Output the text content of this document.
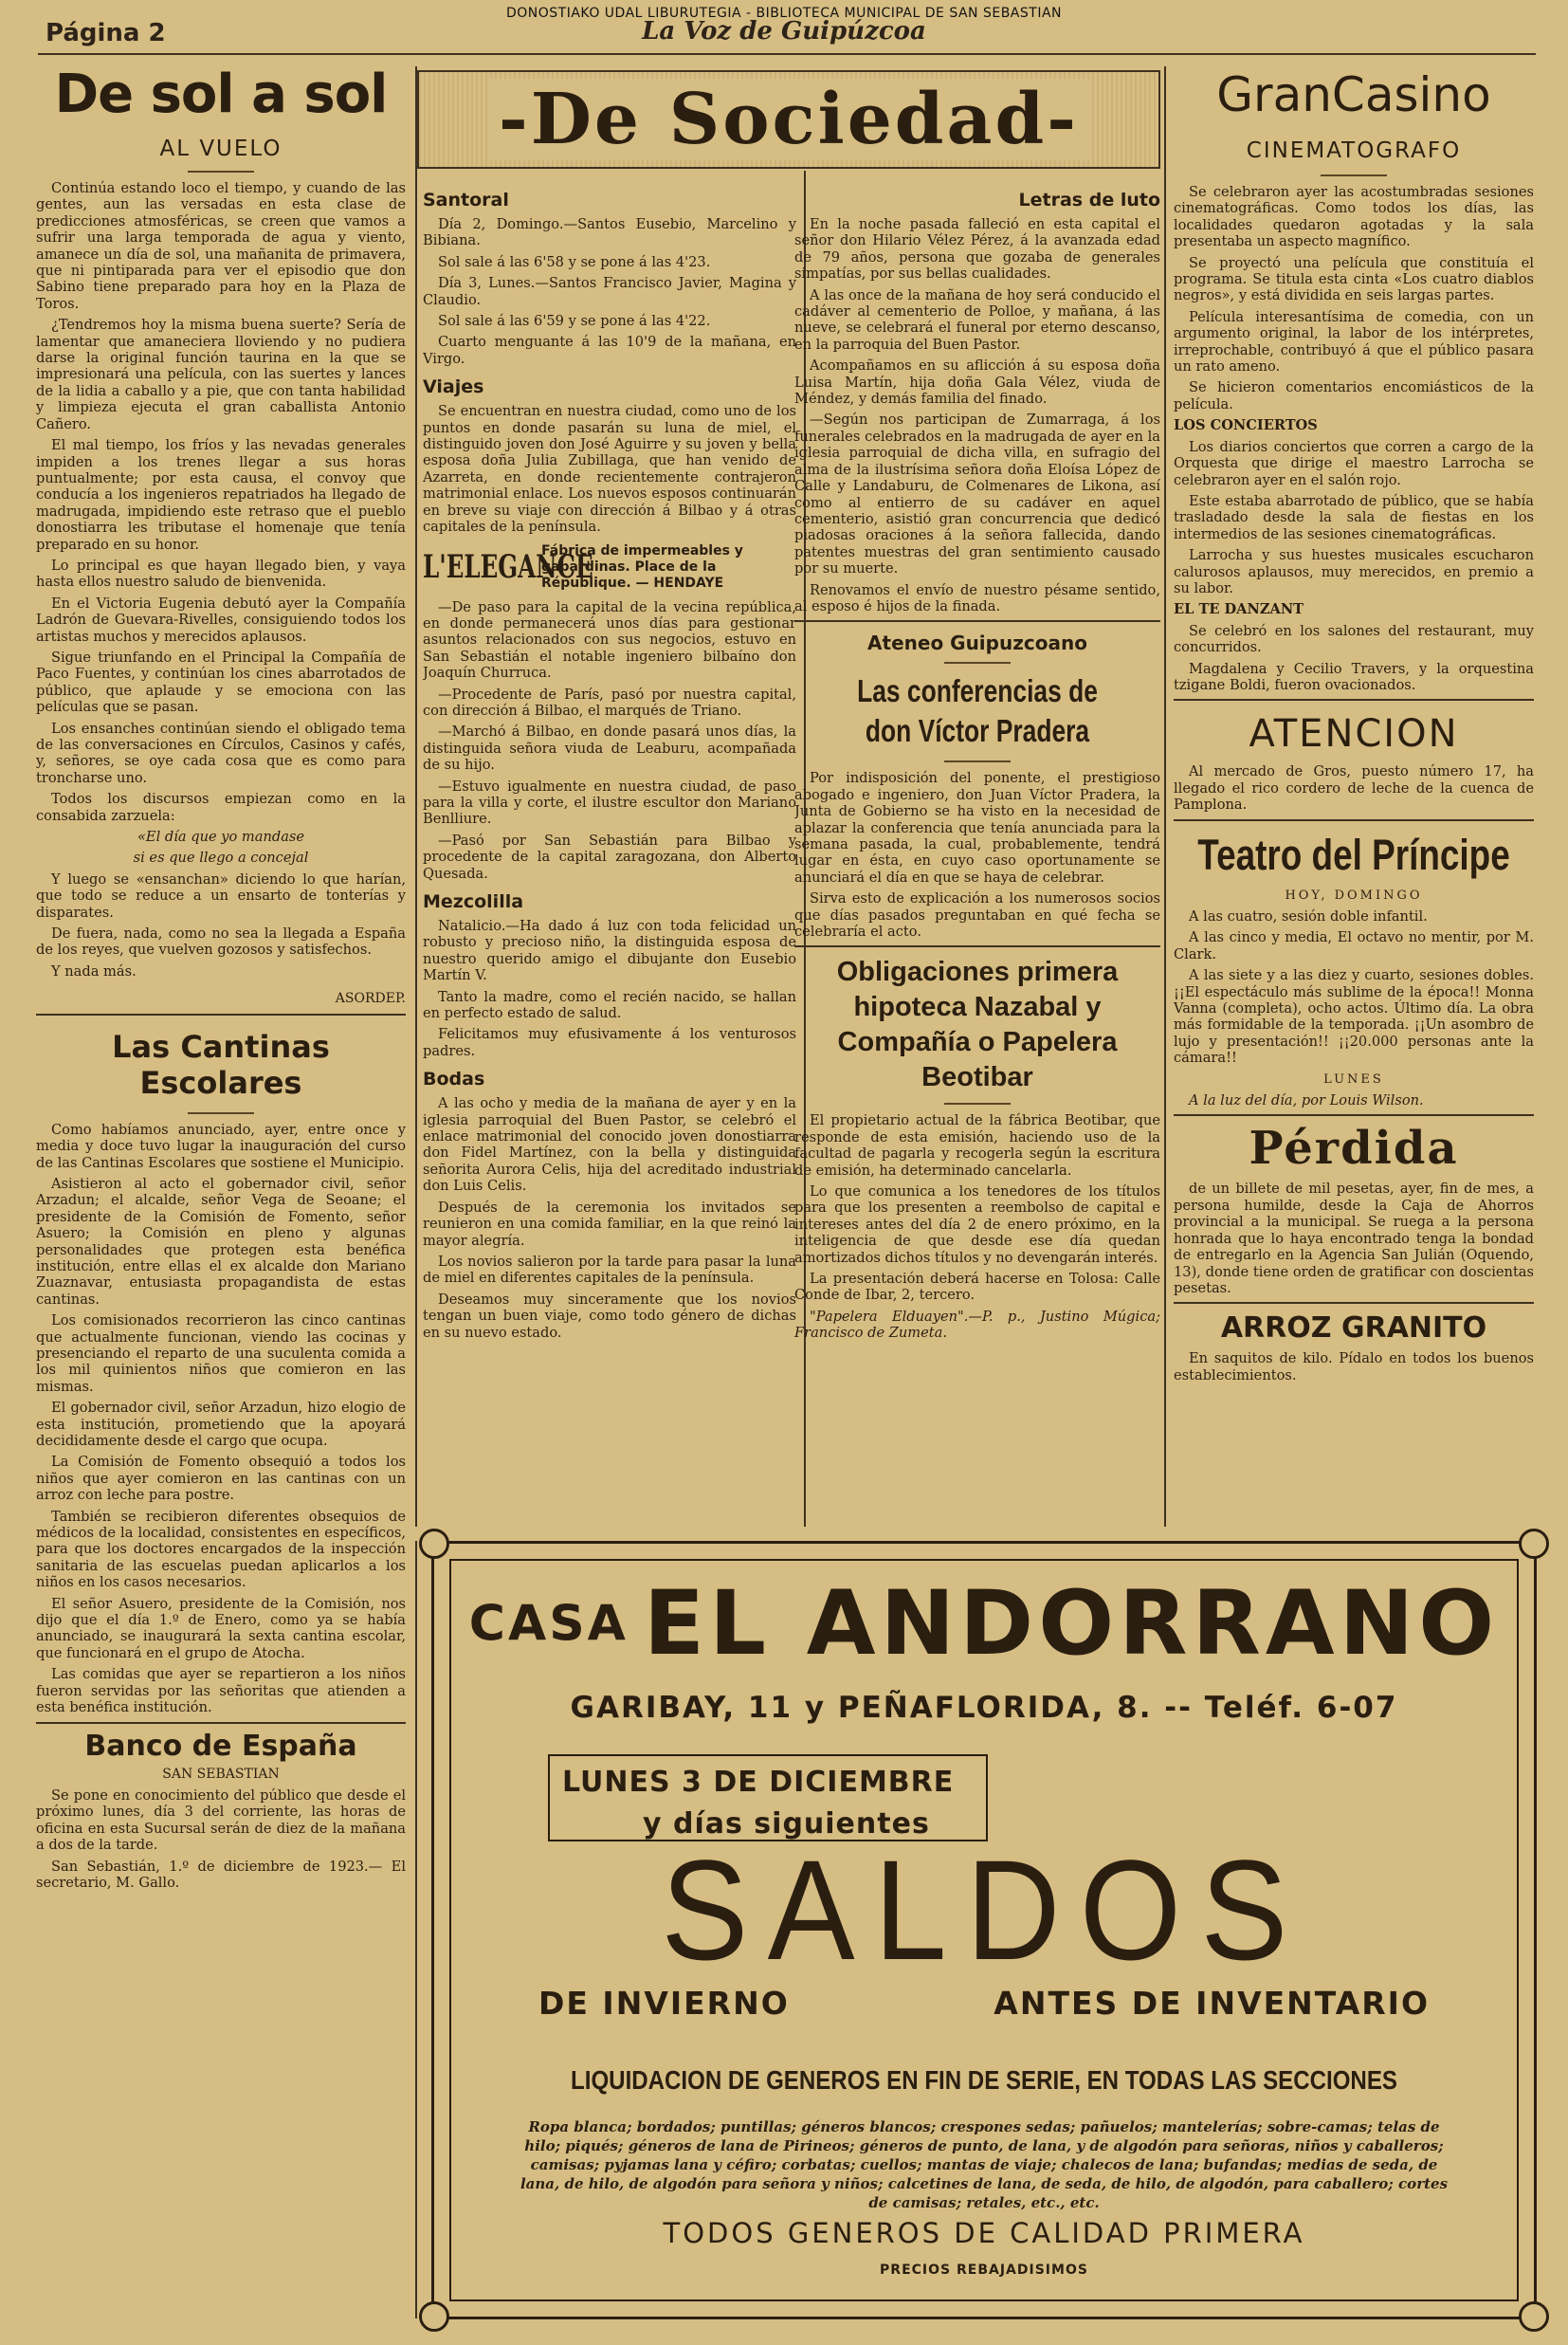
DONOSTIAKO UDAL LIBURUTEGIA - BIBLIOTECA MUNICIPAL DE SAN SEBASTIAN
Página 2	La Voz de Guipúzcoa
De sol a sol
AL VUELO

Continúa estando loco el tiempo, y cuando de las gentes, aun las versadas en esta clase de predicciones atmosféricas, se creen que vamos a sufrir una larga temporada de agua y viento, amanece un día de sol, una mañanita de primavera, que ni pintiparada para ver el episodio que don Sabino tiene preparado para hoy en la Plaza de Toros.

¿Tendremos hoy la misma buena suerte? Sería de lamentar que amaneciera lloviendo y no pudiera darse la original función taurina en la que se impresionará una película, con las suertes y lances de la lidia a caballo y a pie, que con tanta habilidad y limpieza ejecuta el gran caballista Antonio Cañero.

El mal tiempo, los fríos y las nevadas generales impiden a los trenes llegar a sus horas puntualmente; por esta causa, el convoy que conducía a los ingenieros repatriados ha llegado de madrugada, impidiendo este retraso que el pueblo donostiarra les tributase el homenaje que tenía preparado en su honor.

Lo principal es que hayan llegado bien, y vaya hasta ellos nuestro saludo de bienvenida.

En el Victoria Eugenia debutó ayer la Compañía Ladrón de Guevara-Rivelles, consiguiendo todos los artistas muchos y merecidos aplausos.

Sigue triunfando en el Principal la Compañía de Paco Fuentes, y continúan los cines abarrotados de público, que aplaude y se emociona con las películas que se pasan.

Los ensanches continúan siendo el obligado tema de las conversaciones en Círculos, Casinos y cafés, y, señores, se oye cada cosa que es como para troncharse uno.

Todos los discursos empiezan como en la consabida zarzuela:

«El día que yo mandase

si es que llego a concejal

Y luego se «ensanchan» diciendo lo que harían, que todo se reduce a un ensarto de tonterías y disparates.

De fuera, nada, como no sea la llegada a España de los reyes, que vuelven gozosos y satisfechos.

Y nada más.

ASORDEP.

Las Cantinas Escolares

Como habíamos anunciado, ayer, entre once y media y doce tuvo lugar la inauguración del curso de las Cantinas Escolares que sostiene el Municipio.

Asistieron al acto el gobernador civil, señor Arzadun; el alcalde, señor Vega de Seoane; el presidente de la Comisión de Fomento, señor Asuero; la Comisión en pleno y algunas personalidades que protegen esta benéfica institución, entre ellas el ex alcalde don Mariano Zuaznavar, entusiasta propagandista de estas cantinas.

Los comisionados recorrieron las cinco cantinas que actualmente funcionan, viendo las cocinas y presenciando el reparto de una suculenta comida a los mil quinientos niños que comieron en las mismas.

El gobernador civil, señor Arzadun, hizo elogio de esta institución, prometiendo que la apoyará decididamente desde el cargo que ocupa.

La Comisión de Fomento obsequió a todos los niños que ayer comieron en las cantinas con un arroz con leche para postre.

También se recibieron diferentes obsequios de médicos de la localidad, consistentes en específicos, para que los doctores encargados de la inspección sanitaria de las escuelas puedan aplicarlos a los niños en los casos necesarios.

El señor Asuero, presidente de la Comisión, nos dijo que el día 1.º de Enero, como ya se había anunciado, se inaugurará la sexta cantina escolar, que funcionará en el grupo de Atocha.

Las comidas que ayer se repartieron a los niños fueron servidas por las señoritas que atienden a esta benéfica institución.

Banco de España

SAN SEBASTIAN

Se pone en conocimiento del público que desde el próximo lunes, día 3 del corriente, las horas de oficina en esta Sucursal serán de diez de la mañana a dos de la tarde.

San Sebastián, 1.º de diciembre de 1923.— El secretario, M. Gallo.

-De Sociedad-
Santoral

Día 2, Domingo.—Santos Eusebio, Marcelino y Bibiana.

Sol sale á las 6'58 y se pone á las 4'23.

Día 3, Lunes.—Santos Francisco Javier, Magina y Claudio.

Sol sale á las 6'59 y se pone á las 4'22.

Cuarto menguante á las 10'9 de la mañana, en Virgo.

Viajes

Se encuentran en nuestra ciudad, como uno de los puntos en donde pasarán su luna de miel, el distinguido joven don José Aguirre y su joven y bella esposa doña Julia Zubillaga, que han venido de Azarreta, en donde recientemente contrajeron matrimonial enlace. Los nuevos esposos continuarán en breve su viaje con dirección á Bilbao y á otras capitales de la península.

L'ELEGANCE
Fábrica de impermeables y gabardinas. Place de la République. — HENDAYE

—De paso para la capital de la vecina república, en donde permanecerá unos días para gestionar asuntos relacionados con sus negocios, estuvo en San Sebastián el notable ingeniero bilbaíno don Joaquín Churruca.

—Procedente de París, pasó por nuestra capital, con dirección á Bilbao, el marqués de Triano.

—Marchó á Bilbao, en donde pasará unos días, la distinguida señora viuda de Leaburu, acompañada de su hijo.

—Estuvo igualmente en nuestra ciudad, de paso para la villa y corte, el ilustre escultor don Mariano Benlliure.

—Pasó por San Sebastián para Bilbao y procedente de la capital zaragozana, don Alberto Quesada.

Mezcolilla

Natalicio.—Ha dado á luz con toda felicidad un robusto y precioso niño, la distinguida esposa de nuestro querido amigo el dibujante don Eusebio Martín V.

Tanto la madre, como el recién nacido, se hallan en perfecto estado de salud.

Felicitamos muy efusivamente á los venturosos padres.

Bodas

A las ocho y media de la mañana de ayer y en la iglesia parroquial del Buen Pastor, se celebró el enlace matrimonial del conocido joven donostiarra don Fidel Martínez, con la bella y distinguida señorita Aurora Celis, hija del acreditado industrial don Luis Celis.

Después de la ceremonia los invitados se reunieron en una comida familiar, en la que reinó la mayor alegría.

Los novios salieron por la tarde para pasar la luna de miel en diferentes capitales de la península.

Deseamos muy sinceramente que los novios tengan un buen viaje, como todo género de dichas en su nuevo estado.

Letras de luto

En la noche pasada falleció en esta capital el señor don Hilario Vélez Pérez, á la avanzada edad de 79 años, persona que gozaba de generales simpatías, por sus bellas cualidades.

A las once de la mañana de hoy será conducido el cadáver al cementerio de Polloe, y mañana, á las nueve, se celebrará el funeral por eterno descanso, en la parroquia del Buen Pastor.

Acompañamos en su aflicción á su esposa doña Luisa Martín, hija doña Gala Vélez, viuda de Méndez, y demás familia del finado.

—Según nos participan de Zumarraga, á los funerales celebrados en la madrugada de ayer en la iglesia parroquial de dicha villa, en sufragio del alma de la ilustrísima señora doña Eloísa López de Calle y Landaburu, de Colmenares de Likona, así como al entierro de su cadáver en aquel cementerio, asistió gran concurrencia que dedicó piadosas oraciones á la señora fallecida, dando patentes muestras del gran sentimiento causado por su muerte.

Renovamos el envío de nuestro pésame sentido, al esposo é hijos de la finada.

Ateneo Guipuzcoano
Las conferencias de don Víctor Pradera

Por indisposición del ponente, el prestigioso abogado e ingeniero, don Juan Víctor Pradera, la Junta de Gobierno se ha visto en la necesidad de aplazar la conferencia que tenía anunciada para la semana pasada, la cual, probablemente, tendrá lugar en ésta, en cuyo caso oportunamente se anunciará el día en que se haya de celebrar.

Sirva esto de explicación a los numerosos socios que días pasados preguntaban en qué fecha se celebraría el acto.

Obligaciones primera hipoteca Nazabal y Compañía o Papelera Beotibar

El propietario actual de la fábrica Beotibar, que responde de esta emisión, haciendo uso de la facultad de pagarla y recogerla según la escritura de emisión, ha determinado cancelarla.

Lo que comunica a los tenedores de los títulos para que los presenten a reembolso de capital e intereses antes del día 2 de enero próximo, en la inteligencia de que desde ese día quedan amortizados dichos títulos y no devengarán interés.

La presentación deberá hacerse en Tolosa: Calle Conde de Ibar, 2, tercero.

"Papelera Elduayen".—P. p., Justino Múgica; Francisco de Zumeta.

GranCasino
CINEMATOGRAFO

Se celebraron ayer las acostumbradas sesiones cinematográficas. Como todos los días, las localidades quedaron agotadas y la sala presentaba un aspecto magnífico.

Se proyectó una película que constituía el programa. Se titula esta cinta «Los cuatro diablos negros», y está dividida en seis largas partes.

Película interesantísima de comedia, con un argumento original, la labor de los intérpretes, irreprochable, contribuyó á que el público pasara un rato ameno.

Se hicieron comentarios encomiásticos de la película.

LOS CONCIERTOS

Los diarios conciertos que corren a cargo de la Orquesta que dirige el maestro Larrocha se celebraron ayer en el salón rojo.

Este estaba abarrotado de público, que se había trasladado desde la sala de fiestas en los intermedios de las sesiones cinematográficas.

Larrocha y sus huestes musicales escucharon calurosos aplausos, muy merecidos, en premio a su labor.

EL TE DANZANT

Se celebró en los salones del restaurant, muy concurridos.

Magdalena y Cecilio Travers, y la orquestina tzigane Boldi, fueron ovacionados.

ATENCION

Al mercado de Gros, puesto número 17, ha llegado el rico cordero de leche de la cuenca de Pamplona.

Teatro del Príncipe

HOY, DOMINGO

A las cuatro, sesión doble infantil.

A las cinco y media, El octavo no mentir, por M. Clark.

A las siete y a las diez y cuarto, sesiones dobles. ¡¡El espectáculo más sublime de la época!! Monna Vanna (completa), ocho actos. Último día. La obra más formidable de la temporada. ¡¡Un asombro de lujo y presentación!! ¡¡20.000 personas ante la cámara!!

LUNES

A la luz del día, por Louis Wilson.

Pérdida

de un billete de mil pesetas, ayer, fin de mes, a persona humilde, desde la Caja de Ahorros provincial a la municipal. Se ruega a la persona honrada que lo haya encontrado tenga la bondad de entregarlo en la Agencia San Julián (Oquendo, 13), donde tiene orden de gratificar con doscientas pesetas.

ARROZ GRANITO

En saquitos de kilo. Pídalo en todos los buenos establecimientos.

CASA EL ANDORRANO
GARIBAY, 11 y PEÑAFLORIDA, 8. -- Teléf. 6-07
LUNES 3 DE DICIEMBRE
y días siguientes
SALDOS
DE INVIERNO	ANTES DE INVENTARIO
LIQUIDACION DE GENEROS EN FIN DE SERIE, EN TODAS LAS SECCIONES
Ropa blanca; bordados; puntillas; géneros blancos; crespones sedas; pañuelos; mantelerías; sobre-camas; telas de hilo; piqués; géneros de lana de Pirineos; géneros de punto, de lana, y de algodón para señoras, niños y caballeros; camisas; pyjamas lana y céfiro; corbatas; cuellos; mantas de viaje; chalecos de lana; bufandas; medias de seda, de lana, de hilo, de algodón para señora y niños; calcetines de lana, de seda, de hilo, de algodón, para caballero; cortes de camisas; retales, etc., etc.
TODOS GENEROS DE CALIDAD PRIMERA
PRECIOS REBAJADISIMOS
